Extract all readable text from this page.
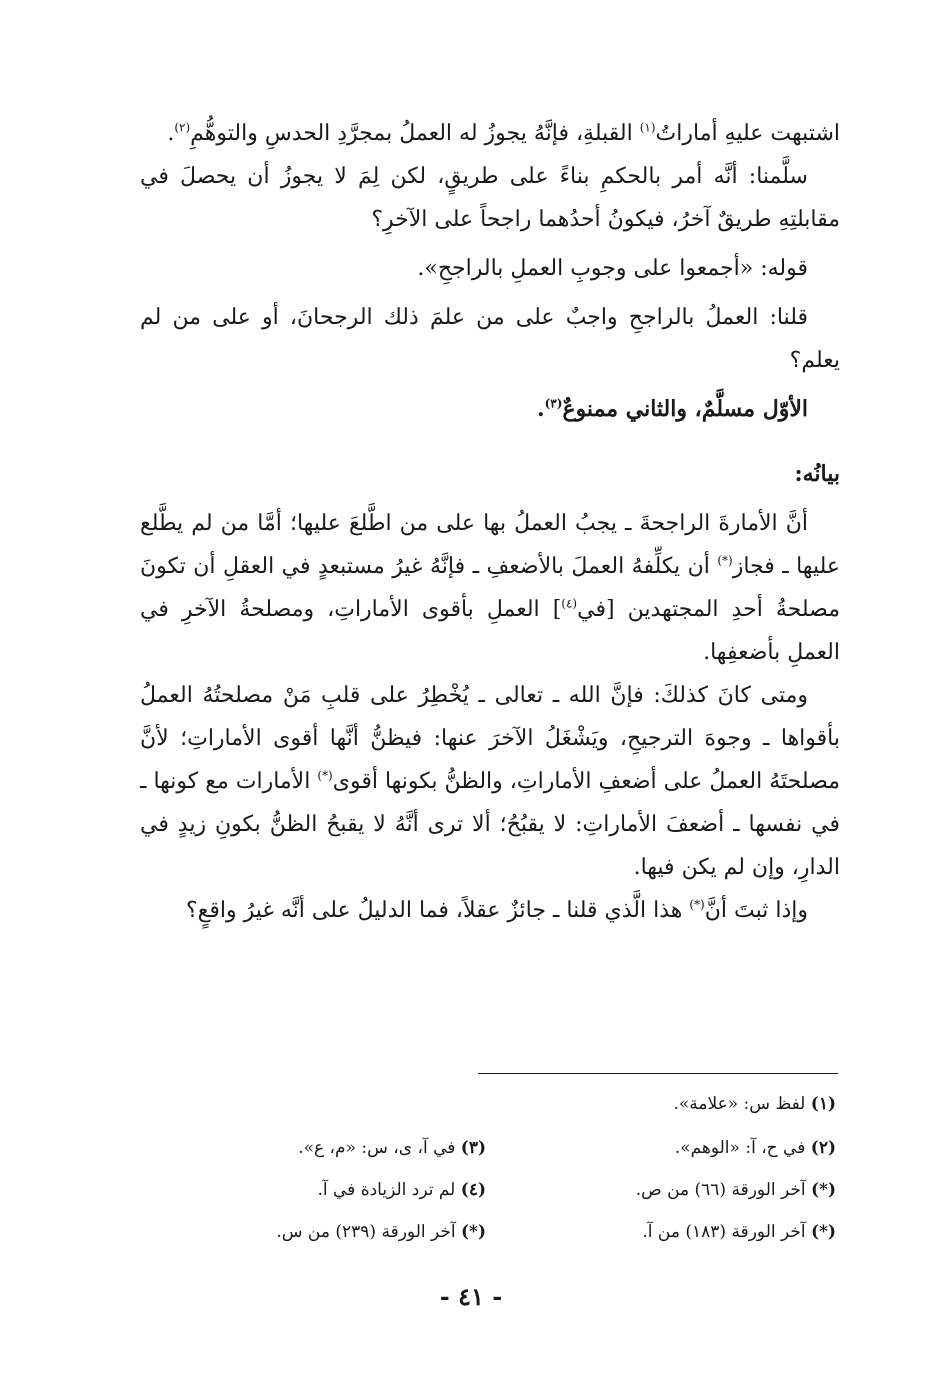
اشتبهت عليهِ أماراتُ$^{(١)}$ القبلةِ، فإنَّهُ يجوزُ له العملُ بمجرَّدِ الحدسِ والتوهُّمِ$^{(٢)}$.

سلَّمنا: أنَّه أمر بالحكمِ بناءً على طريقٍ، لكن لِمَ لا يجوزُ أن يحصلَ في مقابلتِهِ طريقٌ آخرُ، فيكونُ أحدُهما راجحاً على الآخرِ؟

قوله: «أجمعوا على وجوبِ العملِ بالراجحِ».

قلنا: العملُ بالراجحِ واجبٌ على من علمَ ذلك الرجحانَ، أو على من لم يعلم؟

الأوّل مسلَّمٌ، والثاني ممنوعٌ$^{(٣)}$.

بيانُه:

أنَّ الأمارةَ الراجحةَ ـ يجبُ العملُ بها على من اطَّلعَ عليها؛ أمَّا من لم يطَّلع عليها ـ فجاز(*) أن يكلِّفهُ العملَ بالأضعفِ ـ فإنَّهُ غيرُ مستبعدٍ في العقلِ أن تكونَ مصلحةُ أحدِ المجتهدين [في$^{(٤)}$] العملِ بأقوى الأماراتِ، ومصلحةُ الآخرِ في العملِ بأضعفِها.

ومتى كانَ كذلكَ: فإنَّ الله ـ تعالى ـ يُخْطِرُ على قلبِ مَنْ مصلحتُهُ العملُ بأقواها ـ وجوهَ الترجيحِ، ويَشْغَلُ الآخرَ عنها: فيظنُّ أنَّها أقوى الأماراتِ؛ لأنَّ مصلحتَهُ العملُ على أضعفِ الأماراتِ، والظنُّ بكونها أقوى(*) الأمارات مع كونها ـ في نفسها ـ أضعفَ الأماراتِ: لا يقبُحُ؛ ألا ترى أنَّهُ لا يقبحُ الظنُّ بكونِ زيدٍ في الدارِ، وإن لم يكن فيها.

وإذا ثبتَ أنَّ(*) هذا الَّذي قلنا ـ جائزٌ عقلاً، فما الدليلُ على أنَّه غيرُ واقعٍ؟

(١) لفظ س: «علامة».
(٢) في ح، آ: «الوهم».
(٣) في آ، ى، س: «م، ع».
(*) آخر الورقة (٦٦) من ص.
(٤) لم ترد الزيادة في آ.
(*) آخر الورقة (١٨٣) من آ.
(*) آخر الورقة (٢٣٩) من س.
- ٤١ -
